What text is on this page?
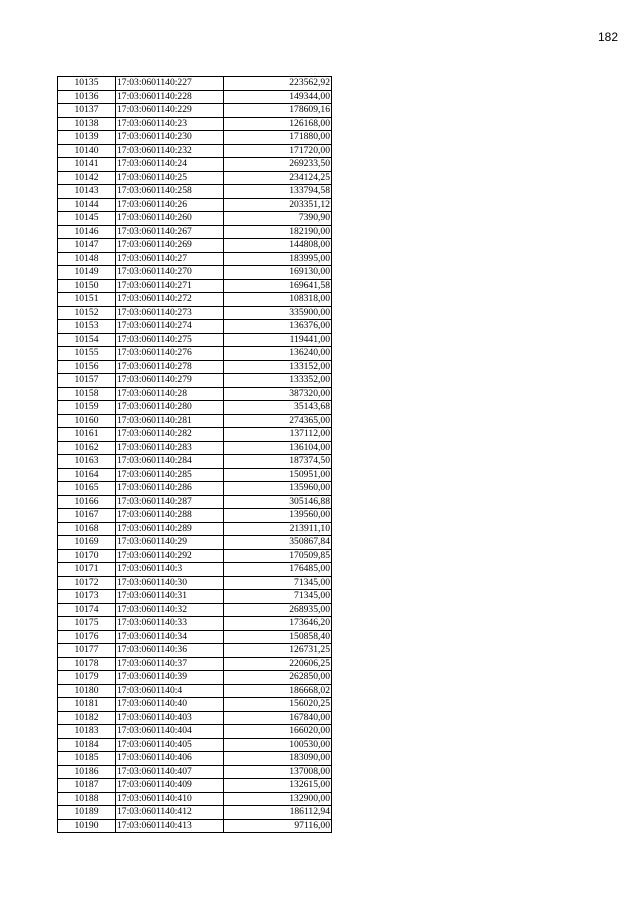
182
10135	17:03:0601140:227	223562,92
10136	17:03:0601140:228	149344,00
10137	17:03:0601140:229	178609,16
10138	17:03:0601140:23	126168,00
10139	17:03:0601140:230	171880,00
10140	17:03:0601140:232	171720,00
10141	17:03:0601140:24	269233,50
10142	17:03:0601140:25	234124,25
10143	17:03:0601140:258	133794,58
10144	17:03:0601140:26	203351,12
10145	17:03:0601140:260	7390,90
10146	17:03:0601140:267	182190,00
10147	17:03:0601140:269	144808,00
10148	17:03:0601140:27	183995,00
10149	17:03:0601140:270	169130,00
10150	17:03:0601140:271	169641,58
10151	17:03:0601140:272	108318,00
10152	17:03:0601140:273	335900,00
10153	17:03:0601140:274	136376,00
10154	17:03:0601140:275	119441,00
10155	17:03:0601140:276	136240,00
10156	17:03:0601140:278	133152,00
10157	17:03:0601140:279	133352,00
10158	17:03:0601140:28	387320,00
10159	17:03:0601140:280	35143,68
10160	17:03:0601140:281	274365,00
10161	17:03:0601140:282	137112,00
10162	17:03:0601140:283	136104,00
10163	17:03:0601140:284	187374,50
10164	17:03:0601140:285	150951,00
10165	17:03:0601140:286	135960,00
10166	17:03:0601140:287	305146,88
10167	17:03:0601140:288	139560,00
10168	17:03:0601140:289	213911,10
10169	17:03:0601140:29	350867,84
10170	17:03:0601140:292	170509,85
10171	17:03:0601140:3	176485,00
10172	17:03:0601140:30	71345,00
10173	17:03:0601140:31	71345,00
10174	17:03:0601140:32	268935,00
10175	17:03:0601140:33	173646,20
10176	17:03:0601140:34	150858,40
10177	17:03:0601140:36	126731,25
10178	17:03:0601140:37	220606,25
10179	17:03:0601140:39	262850,00
10180	17:03:0601140:4	186668,02
10181	17:03:0601140:40	156020,25
10182	17:03:0601140:403	167840,00
10183	17:03:0601140:404	166020,00
10184	17:03:0601140:405	100530,00
10185	17:03:0601140:406	183090,00
10186	17:03:0601140:407	137008,00
10187	17:03:0601140:409	132615,00
10188	17:03:0601140:410	132900,00
10189	17:03:0601140:412	186112,94
10190	17:03:0601140:413	97116,00
